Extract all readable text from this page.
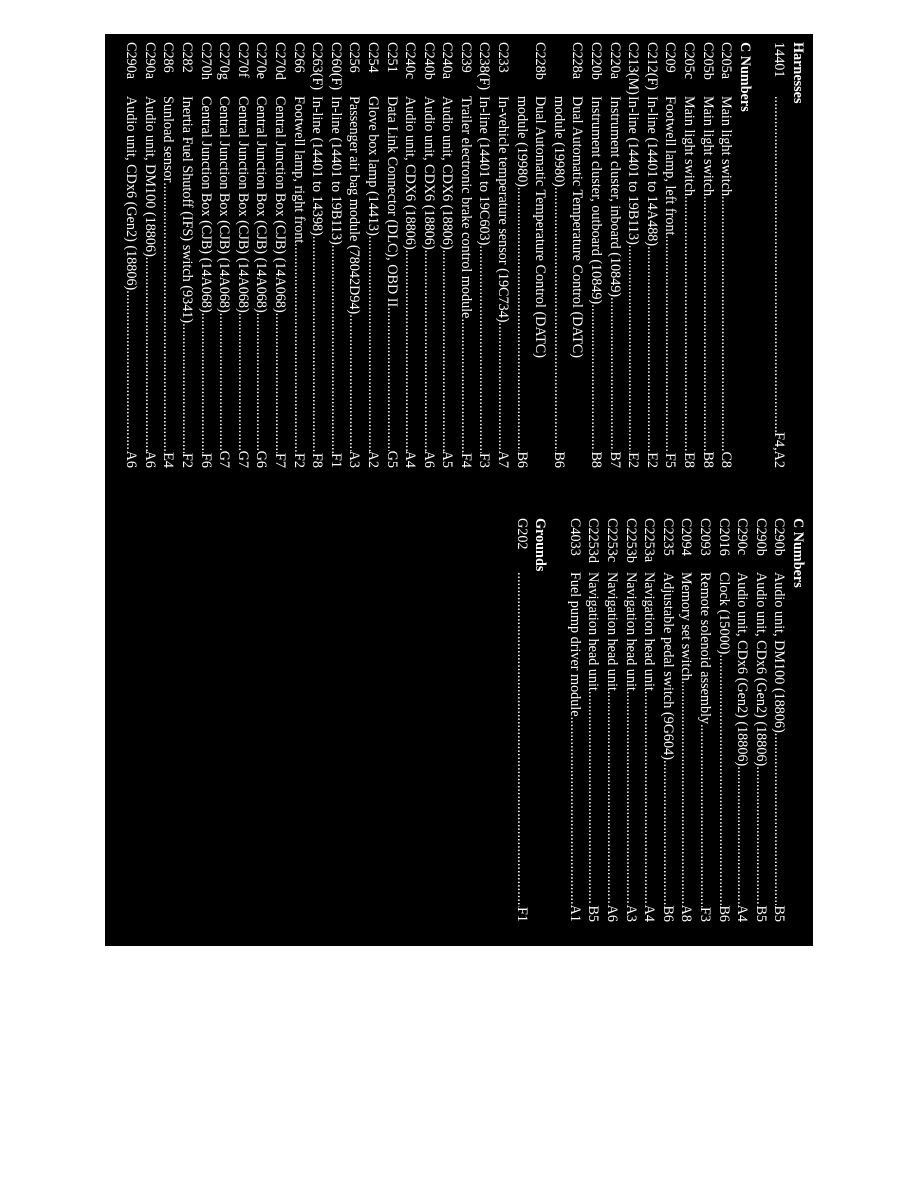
Harnesses
14401
.....
F4,A2
C Numbers
C205a
Main light switch
.....
C8
C205b
Main light switch
.....
B8
C205c
Main light switch
.....
E8
C209
Footwell lamp, left front
.....
F5
C212(F)
In-line (14401 to 14A488)
.....
E2
C213(M)
In-line (14401 to 19B113)
.....
E2
C220a
Instrument cluster, inboard (10849)
.....
B7
C220b
Instrument cluster, outboard (10849)
.....
B8
C228a
Dual Automatic Temperature Control (DATC)
module (19980)
.....
B6
C228b
Dual Automatic Temperature Control (DATC)
module (19980)
.....
B6
C233
In-vehicle temperature sensor (19C734)
.....
A7
C238(F)
In-line (14401 to 19C603)
.....
F3
C239
Trailer electronic brake control module
.....
F4
C240a
Audio unit, CDX6 (18806)
.....
A5
C240b
Audio unit, CDX6 (18806)
.....
A6
C240c
Audio unit, CDX6 (18806)
.....
A4
C251
Data Link Connector (DLC), OBD II
.....
G5
C254
Glove box lamp (14413)
.....
A2
C256
Passenger air bag module (78042D94)
.....
A3
C260(F)
In-line (14401 to 19B113)
.....
F1
C263(F)
In-line (14401 to 14398)
.....
F8
C266
Footwell lamp, right front
.....
F2
C270d
Central Junction Box (CJB) (14A068)
.....
F7
C270e
Central Junction Box (CJB) (14A068)
.....
G6
C270f
Central Junction Box (CJB) (14A068)
.....
G7
C270g
Central Junction Box (CJB) (14A068)
.....
G7
C270h
Central Junction Box (CJB) (14A068)
.....
F6
C282
Inertia Fuel Shutoff (IFS) switch (9341)
.....
F2
C286
Sunload sensor
.....
E4
C290a
Audio unit, DM100 (18806)
.....
A6
C290a
Audio unit, CDx6 (Gen2) (18806)
.....
A6
C Numbers
C290b
Audio unit, DM100 (18806)
.....
B5
C290b
Audio unit, CDx6 (Gen2) (18806)
.....
B5
C290c
Audio unit, CDx6 (Gen2) (18806)
.....
A4
C2016
Clock (15000)
.....
B6
C2093
Remote solenoid assembly
.....
F3
C2094
Memory set switch
.....
A8
C2235
Adjustable pedal switch (9G604)
.....
B6
C2253a
Navigation head unit
.....
A4
C2253b
Navigation head unit
.....
A3
C2253c
Navigation head unit
.....
A6
C2253d
Navigation head unit
.....
B5
C4033
Fuel pump driver module
.....
A1
Grounds
G202
.....
F1
